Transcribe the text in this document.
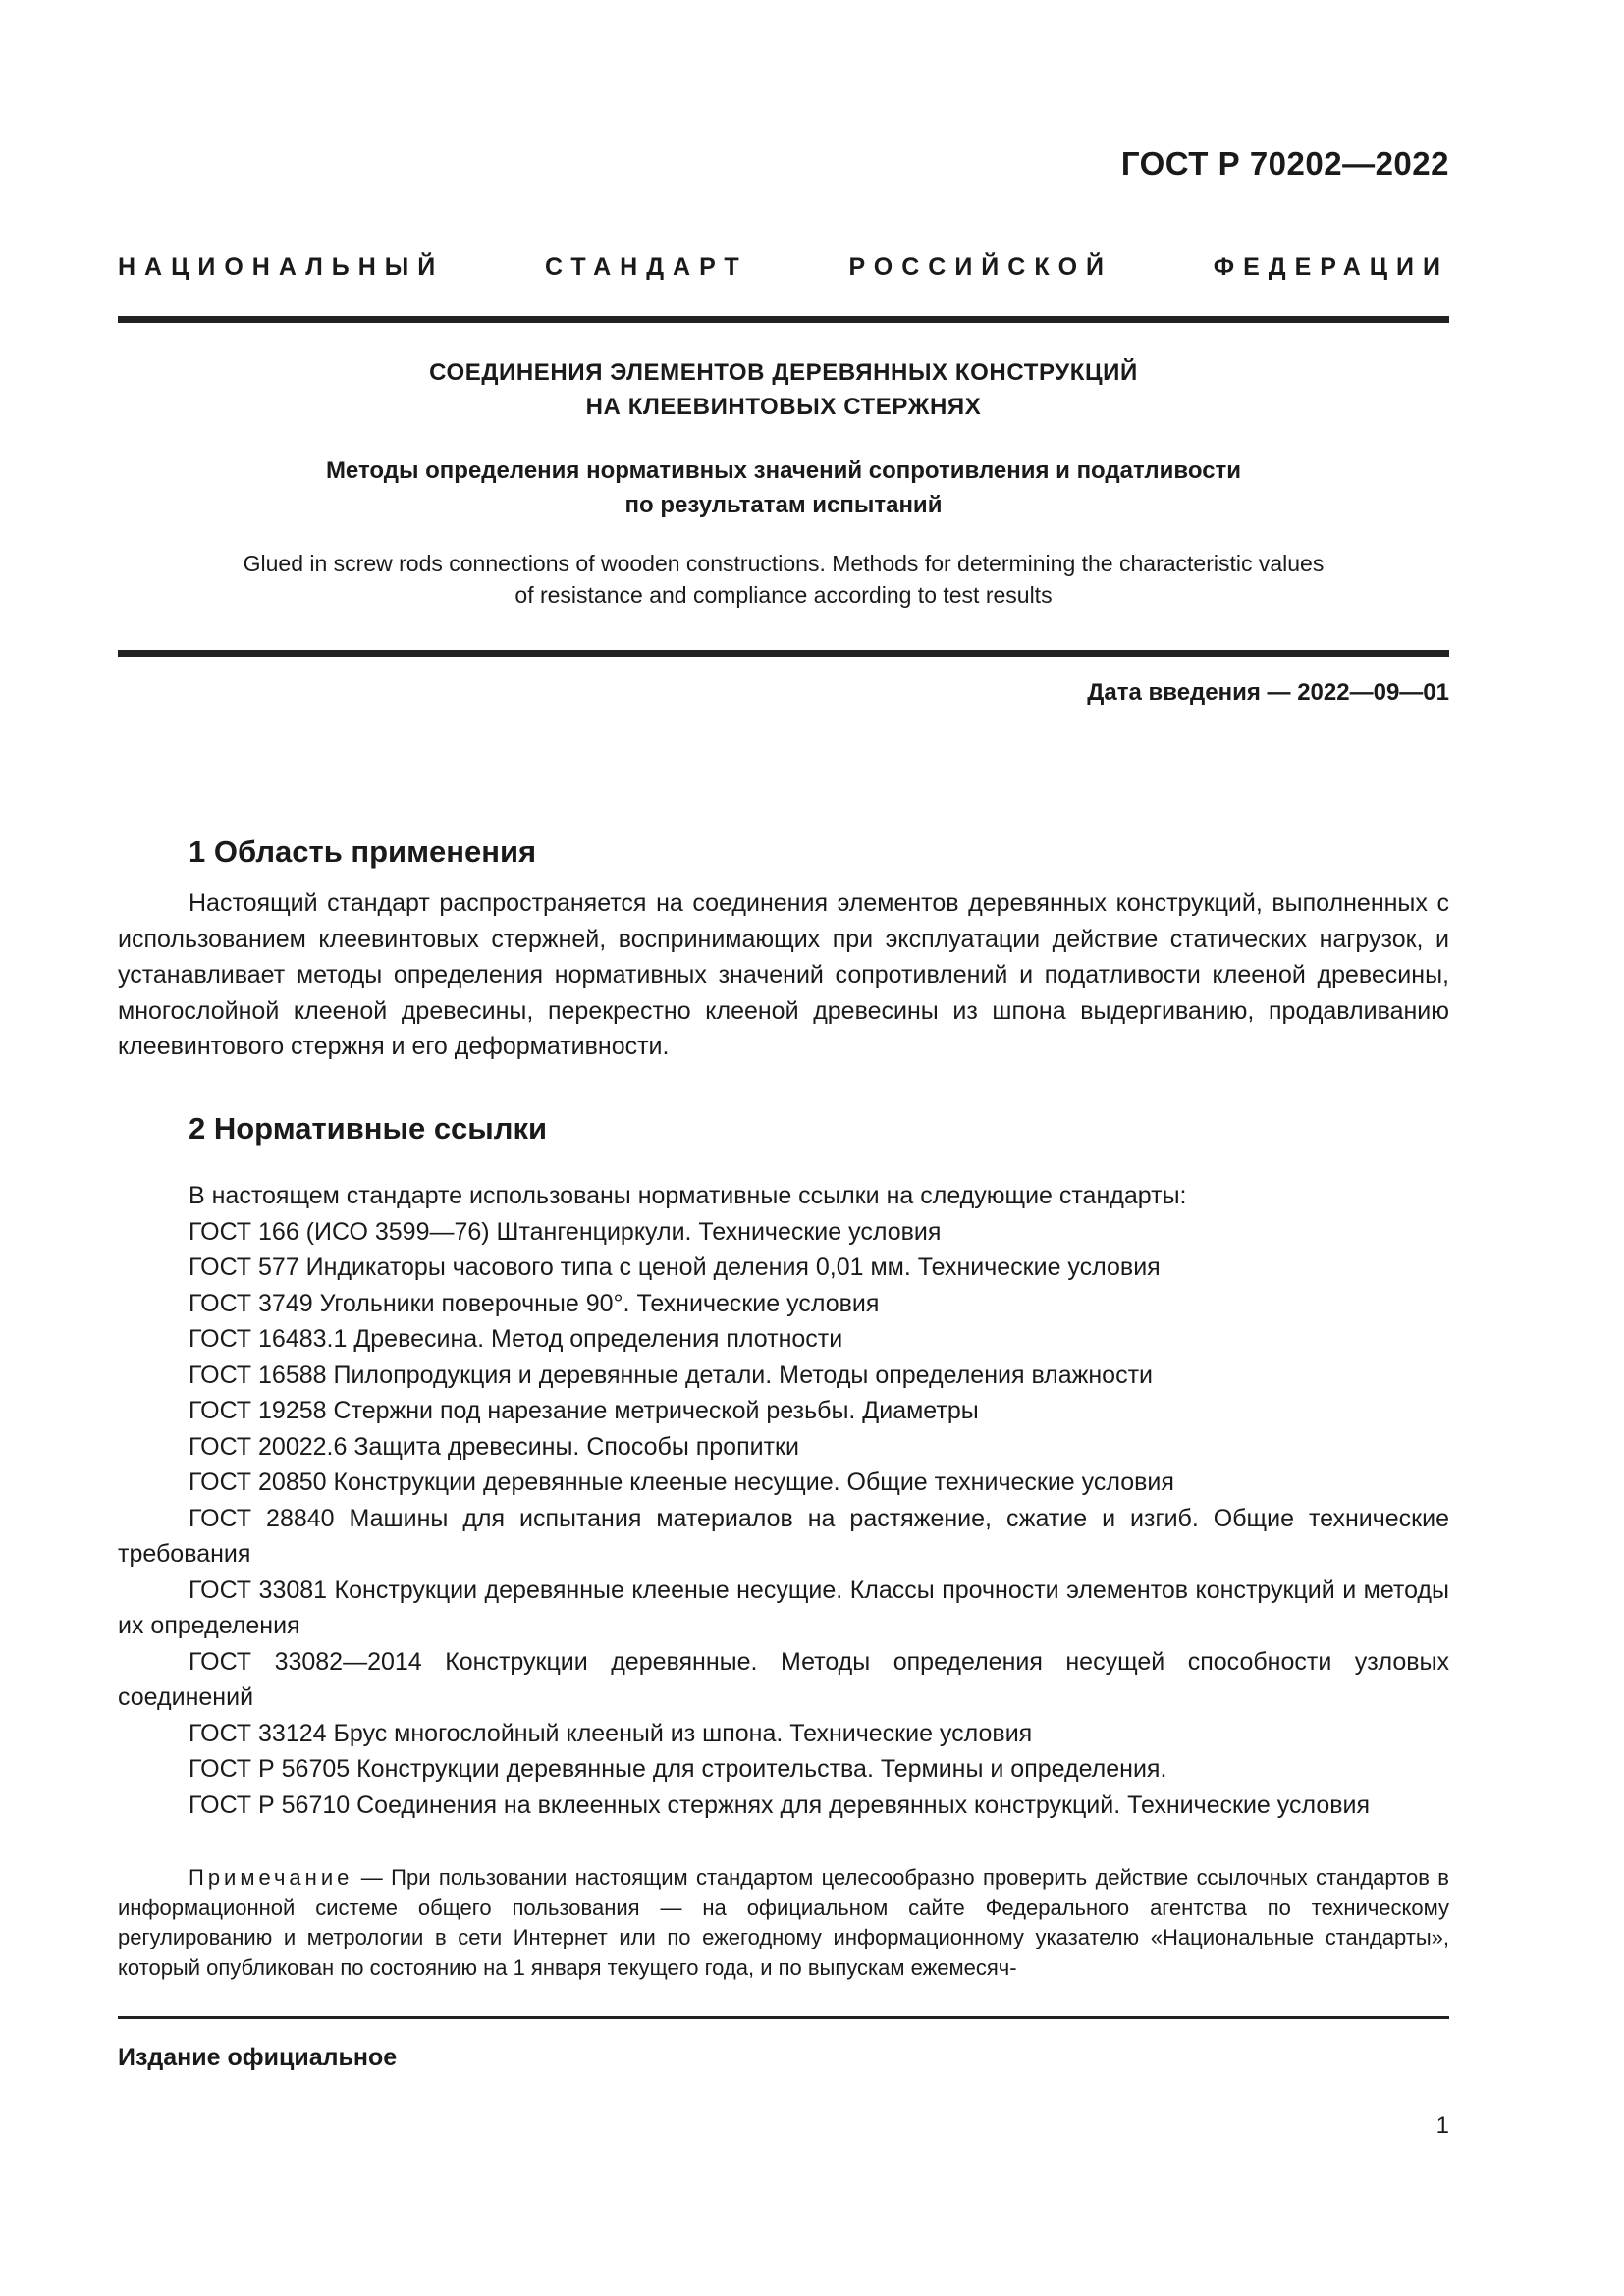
ГОСТ Р 70202—2022
НАЦИОНАЛЬНЫЙ СТАНДАРТ РОССИЙСКОЙ ФЕДЕРАЦИИ
СОЕДИНЕНИЯ ЭЛЕМЕНТОВ ДЕРЕВЯННЫХ КОНСТРУКЦИЙ
НА КЛЕЕВИНТОВЫХ СТЕРЖНЯХ
Методы определения нормативных значений сопротивления и податливости
по результатам испытаний
Glued in screw rods connections of wooden constructions. Methods for determining the characteristic values
of resistance and compliance according to test results
Дата введения — 2022—09—01
1 Область применения

Настоящий стандарт распространяется на соединения элементов деревянных конструкций, выполненных с использованием клеевинтовых стержней, воспринимающих при эксплуатации действие статических нагрузок, и устанавливает методы определения нормативных значений сопротивлений и податливости клееной древесины, многослойной клееной древесины, перекрестно клееной древесины из шпона выдергиванию, продавливанию клеевинтового стержня и его деформативности.

2 Нормативные ссылки
В настоящем стандарте использованы нормативные ссылки на следующие стандарты:
ГОСТ 166 (ИСО 3599—76) Штангенциркули. Технические условия
ГОСТ 577 Индикаторы часового типа с ценой деления 0,01 мм. Технические условия
ГОСТ 3749 Угольники поверочные 90°. Технические условия
ГОСТ 16483.1 Древесина. Метод определения плотности
ГОСТ 16588 Пилопродукция и деревянные детали. Методы определения влажности
ГОСТ 19258 Стержни под нарезание метрической резьбы. Диаметры
ГОСТ 20022.6 Защита древесины. Способы пропитки
ГОСТ 20850 Конструкции деревянные клееные несущие. Общие технические условия
ГОСТ 28840 Машины для испытания материалов на растяжение, сжатие и изгиб. Общие технические требования
ГОСТ 33081 Конструкции деревянные клееные несущие. Классы прочности элементов конструкций и методы их определения
ГОСТ 33082—2014 Конструкции деревянные. Методы определения несущей способности узловых соединений
ГОСТ 33124 Брус многослойный клееный из шпона. Технические условия
ГОСТ Р 56705 Конструкции деревянные для строительства. Термины и определения.
ГОСТ Р 56710 Соединения на вклеенных стержнях для деревянных конструкций. Технические условия

Примечание — При пользовании настоящим стандартом целесообразно проверить действие ссылочных стандартов в информационной системе общего пользования — на официальном сайте Федерального агентства по техническому регулированию и метрологии в сети Интернет или по ежегодному информационному указателю «Национальные стандарты», который опубликован по состоянию на 1 января текущего года, и по выпускам ежемесяч-

Издание официальное
1
